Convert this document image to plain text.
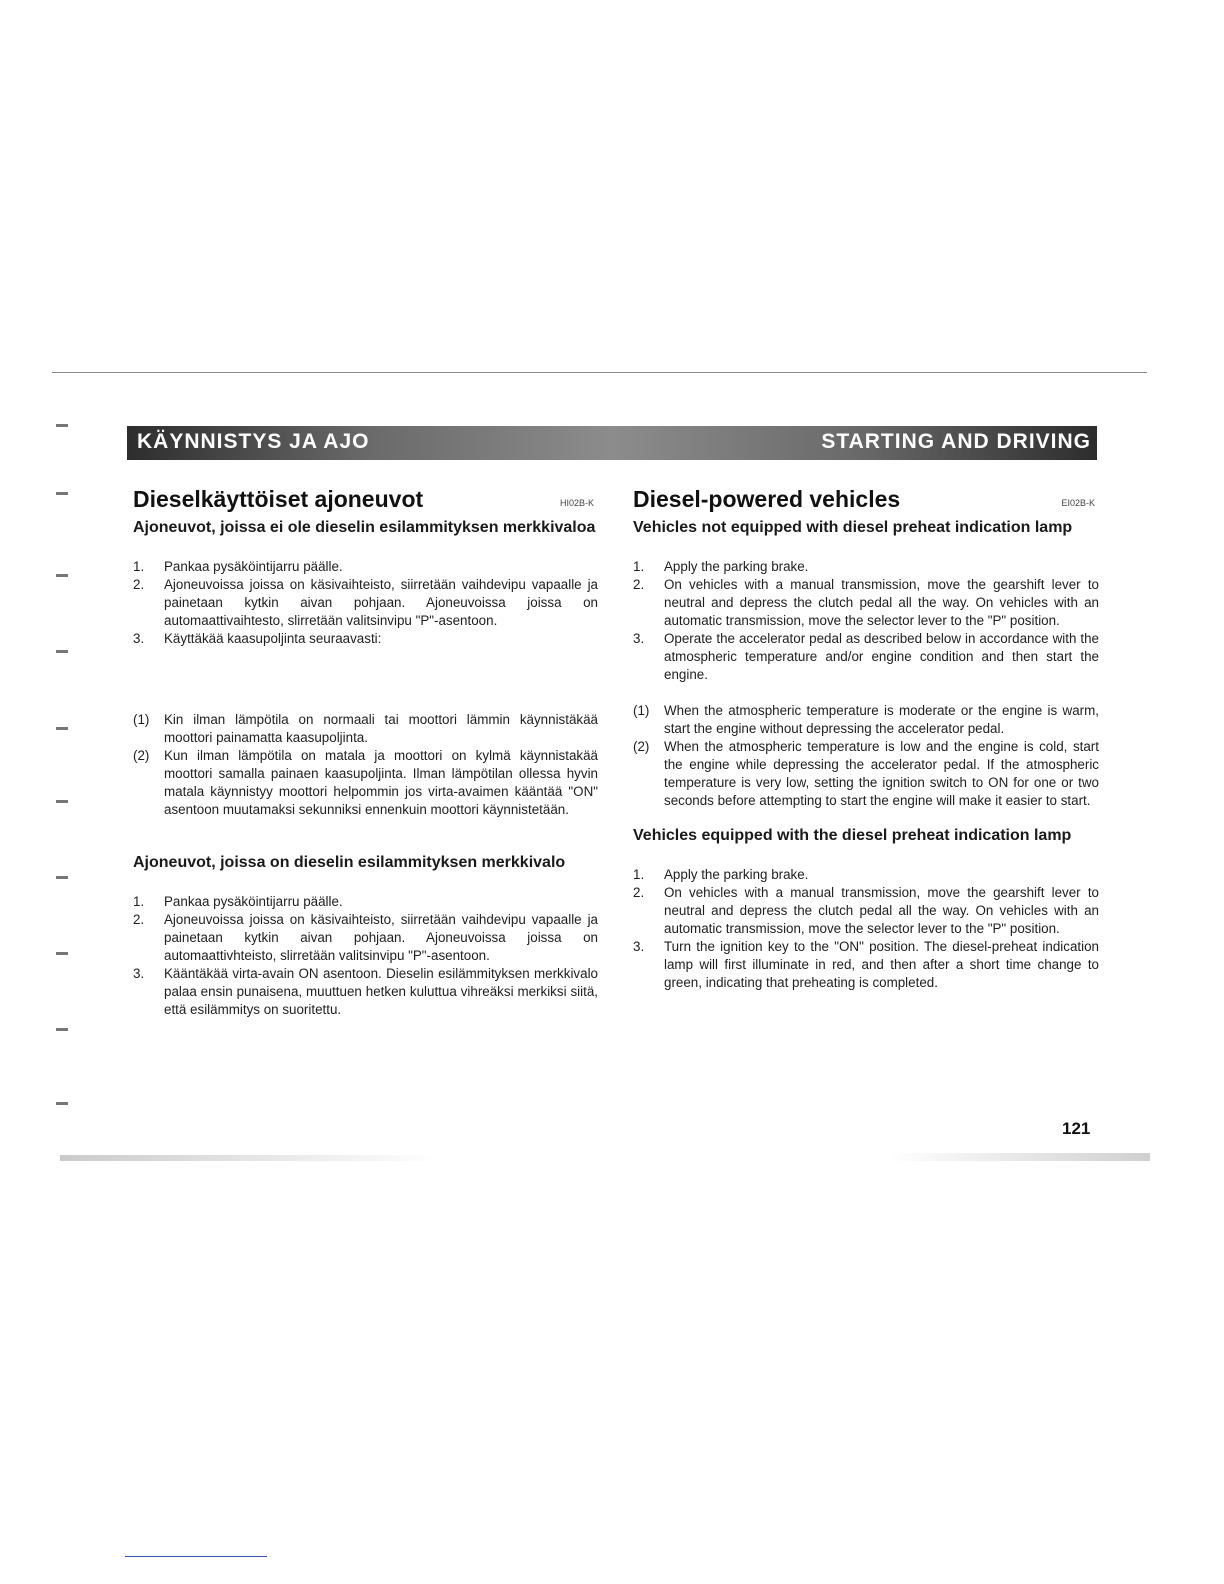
KÄYNNISTYS JA AJO	STARTING AND DRIVING
Dieselkäyttöiset ajoneuvot	HI02B-K
Ajoneuvot, joissa ei ole dieselin esilammityksen merkkivaloa
1. Pankaa pysäköintijarru päälle.
2. Ajoneuvoissa joissa on käsivaihteisto, siirretään vaihdevipu vapaalle ja painetaan kytkin aivan pohjaan. Ajoneuvoissa joissa on automaattivaihtesto, slirretään valitsinvipu "P"-asentoon.
3. Käyttäkää kaasupoljinta seuraavasti:
(1) Kin ilman lämpötila on normaali tai moottori lämmin käynnistäkää moottori painamatta kaasupoljinta.
(2) Kun ilman lämpötila on matala ja moottori on kylmä käynnistakää moottori samalla painaen kaasupoljinta. Ilman lämpötilan ollessa hyvin matala käynnistyy moottori helpommin jos virta-avaimen kääntää "ON" asentoon muutamaksi sekunniksi ennenkuin moottori käynnistetään.
Ajoneuvot, joissa on dieselin esilammityksen merkkivalo
1. Pankaa pysäköintijarru päälle.
2. Ajoneuvoissa joissa on käsivaihteisto, siirretään vaihdevipu vapaalle ja painetaan kytkin aivan pohjaan. Ajoneuvoissa joissa on automaattivhteisto, slirretään valitsinvipu "P"-asentoon.
3. Kääntäkää virta-avain ON asentoon. Dieselin esilämmityksen merkkivalo palaa ensin punaisena, muuttuen hetken kuluttua vihreäksi merkiksi siitä, että esilämmitys on suoritettu.
Diesel-powered vehicles	EI02B-K
Vehicles not equipped with diesel preheat indication lamp
1. Apply the parking brake.
2. On vehicles with a manual transmission, move the gearshift lever to neutral and depress the clutch pedal all the way. On vehicles with an automatic transmission, move the selector lever to the "P" position.
3. Operate the accelerator pedal as described below in accordance with the atmospheric temperature and/or engine condition and then start the engine.
(1) When the atmospheric temperature is moderate or the engine is warm, start the engine without depressing the accelerator pedal.
(2) When the atmospheric temperature is low and the engine is cold, start the engine while depressing the accelerator pedal. If the atmospheric temperature is very low, setting the ignition switch to ON for one or two seconds before attempting to start the engine will make it easier to start.
Vehicles equipped with the diesel preheat indication lamp
1. Apply the parking brake.
2. On vehicles with a manual transmission, move the gearshift lever to neutral and depress the clutch pedal all the way. On vehicles with an automatic transmission, move the selector lever to the "P" position.
3. Turn the ignition key to the "ON" position. The diesel-preheat indication lamp will first illuminate in red, and then after a short time change to green, indicating that preheating is completed.
121
